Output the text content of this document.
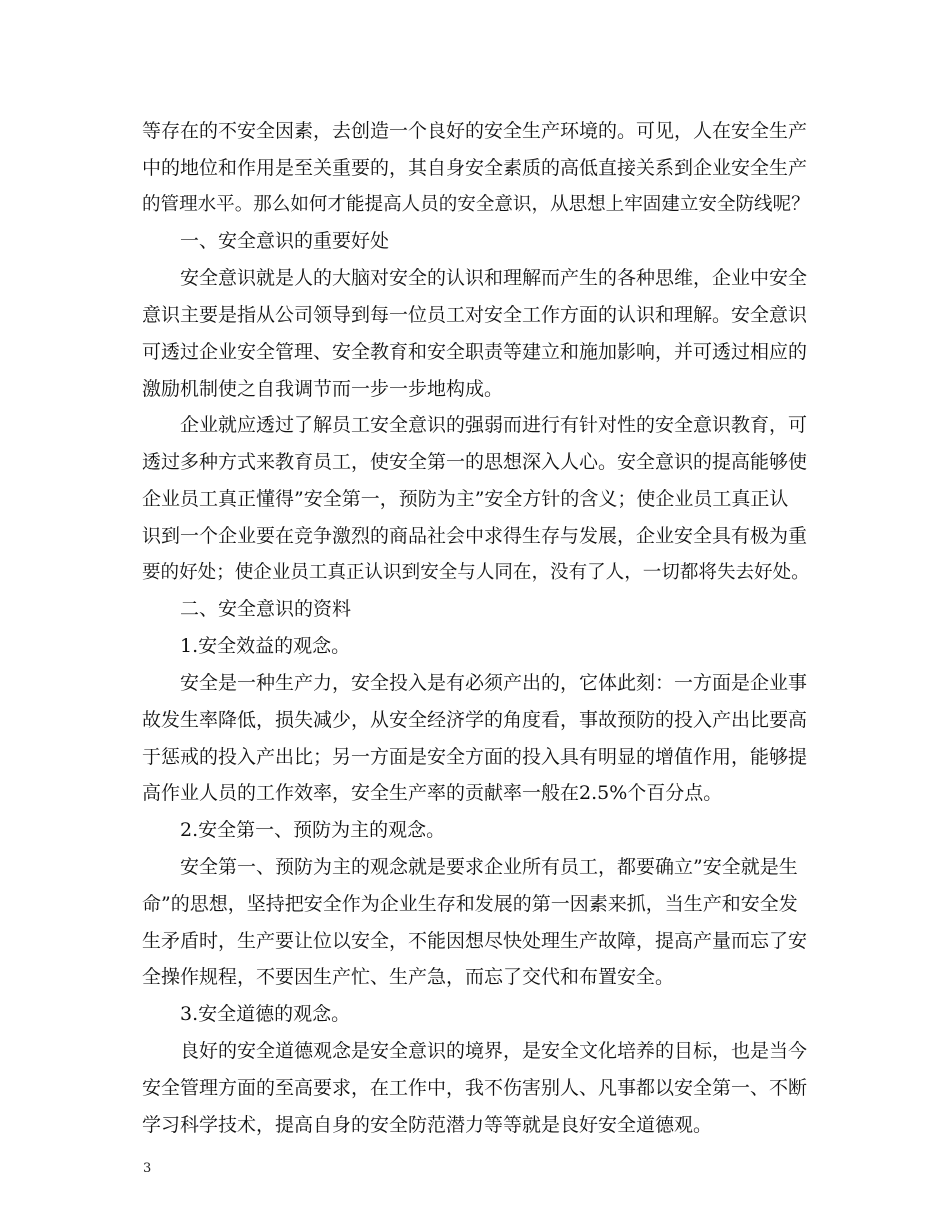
等存在的不安全因素，去创造一个良好的安全生产环境的。可见，人在安全生产
中的地位和作用是至关重要的，其自身安全素质的高低直接关系到企业安全生产
的管理水平。那么如何才能提高人员的安全意识，从思想上牢固建立安全防线呢？
一、安全意识的重要好处
安全意识就是人的大脑对安全的认识和理解而产生的各种思维，企业中安全
意识主要是指从公司领导到每一位员工对安全工作方面的认识和理解。安全意识
可透过企业安全管理、安全教育和安全职责等建立和施加影响，并可透过相应的
激励机制使之自我调节而一步一步地构成。
企业就应透过了解员工安全意识的强弱而进行有针对性的安全意识教育，可
透过多种方式来教育员工，使安全第一的思想深入人心。安全意识的提高能够使
企业员工真正懂得”安全第一，预防为主”安全方针的含义；使企业员工真正认
识到一个企业要在竞争激烈的商品社会中求得生存与发展，企业安全具有极为重
要的好处；使企业员工真正认识到安全与人同在，没有了人，一切都将失去好处。
二、安全意识的资料
1.安全效益的观念。
安全是一种生产力，安全投入是有必须产出的，它体此刻：一方面是企业事
故发生率降低，损失减少，从安全经济学的角度看，事故预防的投入产出比要高
于惩戒的投入产出比；另一方面是安全方面的投入具有明显的增值作用，能够提
高作业人员的工作效率，安全生产率的贡献率一般在2.5%个百分点。
2.安全第一、预防为主的观念。
安全第一、预防为主的观念就是要求企业所有员工，都要确立”安全就是生
命”的思想，坚持把安全作为企业生存和发展的第一因素来抓，当生产和安全发
生矛盾时，生产要让位以安全，不能因想尽快处理生产故障，提高产量而忘了安
全操作规程，不要因生产忙、生产急，而忘了交代和布置安全。
3.安全道德的观念。
良好的安全道德观念是安全意识的境界，是安全文化培养的目标，也是当今
安全管理方面的至高要求，在工作中，我不伤害别人、凡事都以安全第一、不断
学习科学技术，提高自身的安全防范潜力等等就是良好安全道德观。
3
